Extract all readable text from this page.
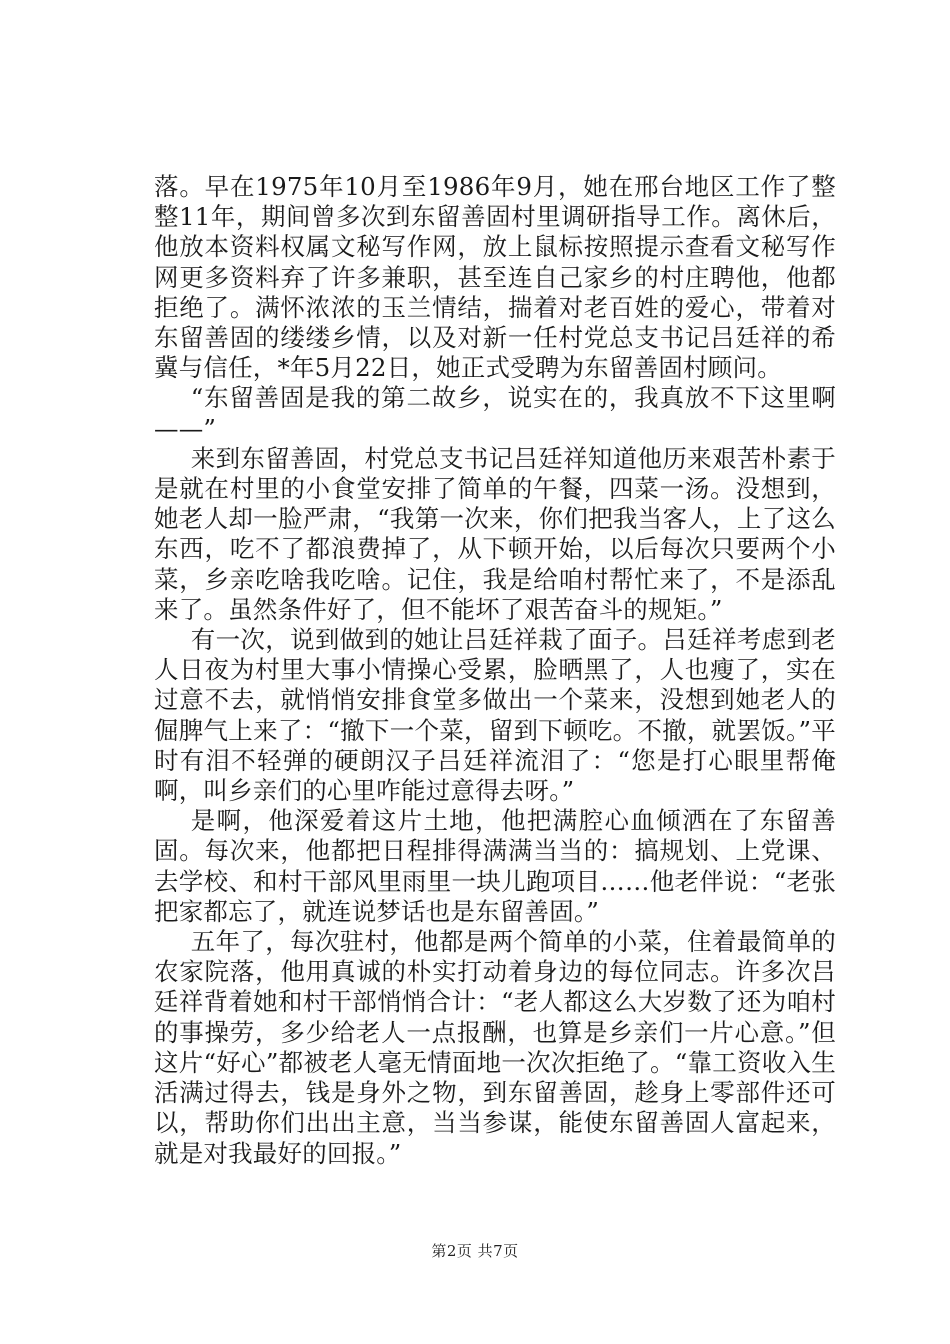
落。早在1975年10月至1986年9月，她在邢台地区工作了整整11年，期间曾多次到东留善固村里调研指导工作。离休后，他放本资料权属文秘写作网，放上鼠标按照提示查看文秘写作网更多资料弃了许多兼职，甚至连自己家乡的村庄聘他，他都拒绝了。满怀浓浓的玉兰情结，揣着对老百姓的爱心，带着对东留善固的缕缕乡情，以及对新一任村党总支书记吕廷祥的希冀与信任，*年5月22日，她正式受聘为东留善固村顾问。

“东留善固是我的第二故乡，说实在的，我真放不下这里啊——”

来到东留善固，村党总支书记吕廷祥知道他历来艰苦朴素于是就在村里的小食堂安排了简单的午餐，四菜一汤。没想到，她老人却一脸严肃，“我第一次来，你们把我当客人，上了这么东西，吃不了都浪费掉了，从下顿开始，以后每次只要两个小菜，乡亲吃啥我吃啥。记住，我是给咱村帮忙来了，不是添乱来了。虽然条件好了，但不能坏了艰苦奋斗的规矩。”

有一次，说到做到的她让吕廷祥栽了面子。吕廷祥考虑到老人日夜为村里大事小情操心受累，脸晒黑了，人也瘦了，实在过意不去，就悄悄安排食堂多做出一个菜来，没想到她老人的倔脾气上来了：“撤下一个菜，留到下顿吃。不撤，就罢饭。”平时有泪不轻弹的硬朗汉子吕廷祥流泪了：“您是打心眼里帮俺啊，叫乡亲们的心里咋能过意得去呀。”

是啊，他深爱着这片土地，他把满腔心血倾洒在了东留善固。每次来，他都把日程排得满满当当的：搞规划、上党课、去学校、和村干部风里雨里一块儿跑项目……他老伴说：“老张把家都忘了，就连说梦话也是东留善固。”

五年了，每次驻村，他都是两个简单的小菜，住着最简单的农家院落，他用真诚的朴实打动着身边的每位同志。许多次吕廷祥背着她和村干部悄悄合计：“老人都这么大岁数了还为咱村的事操劳，多少给老人一点报酬，也算是乡亲们一片心意。”但这片“好心”都被老人毫无情面地一次次拒绝了。“靠工资收入生活满过得去，钱是身外之物，到东留善固，趁身上零部件还可以，帮助你们出出主意，当当参谋，能使东留善固人富起来，就是对我最好的回报。”

第2页 共7页
